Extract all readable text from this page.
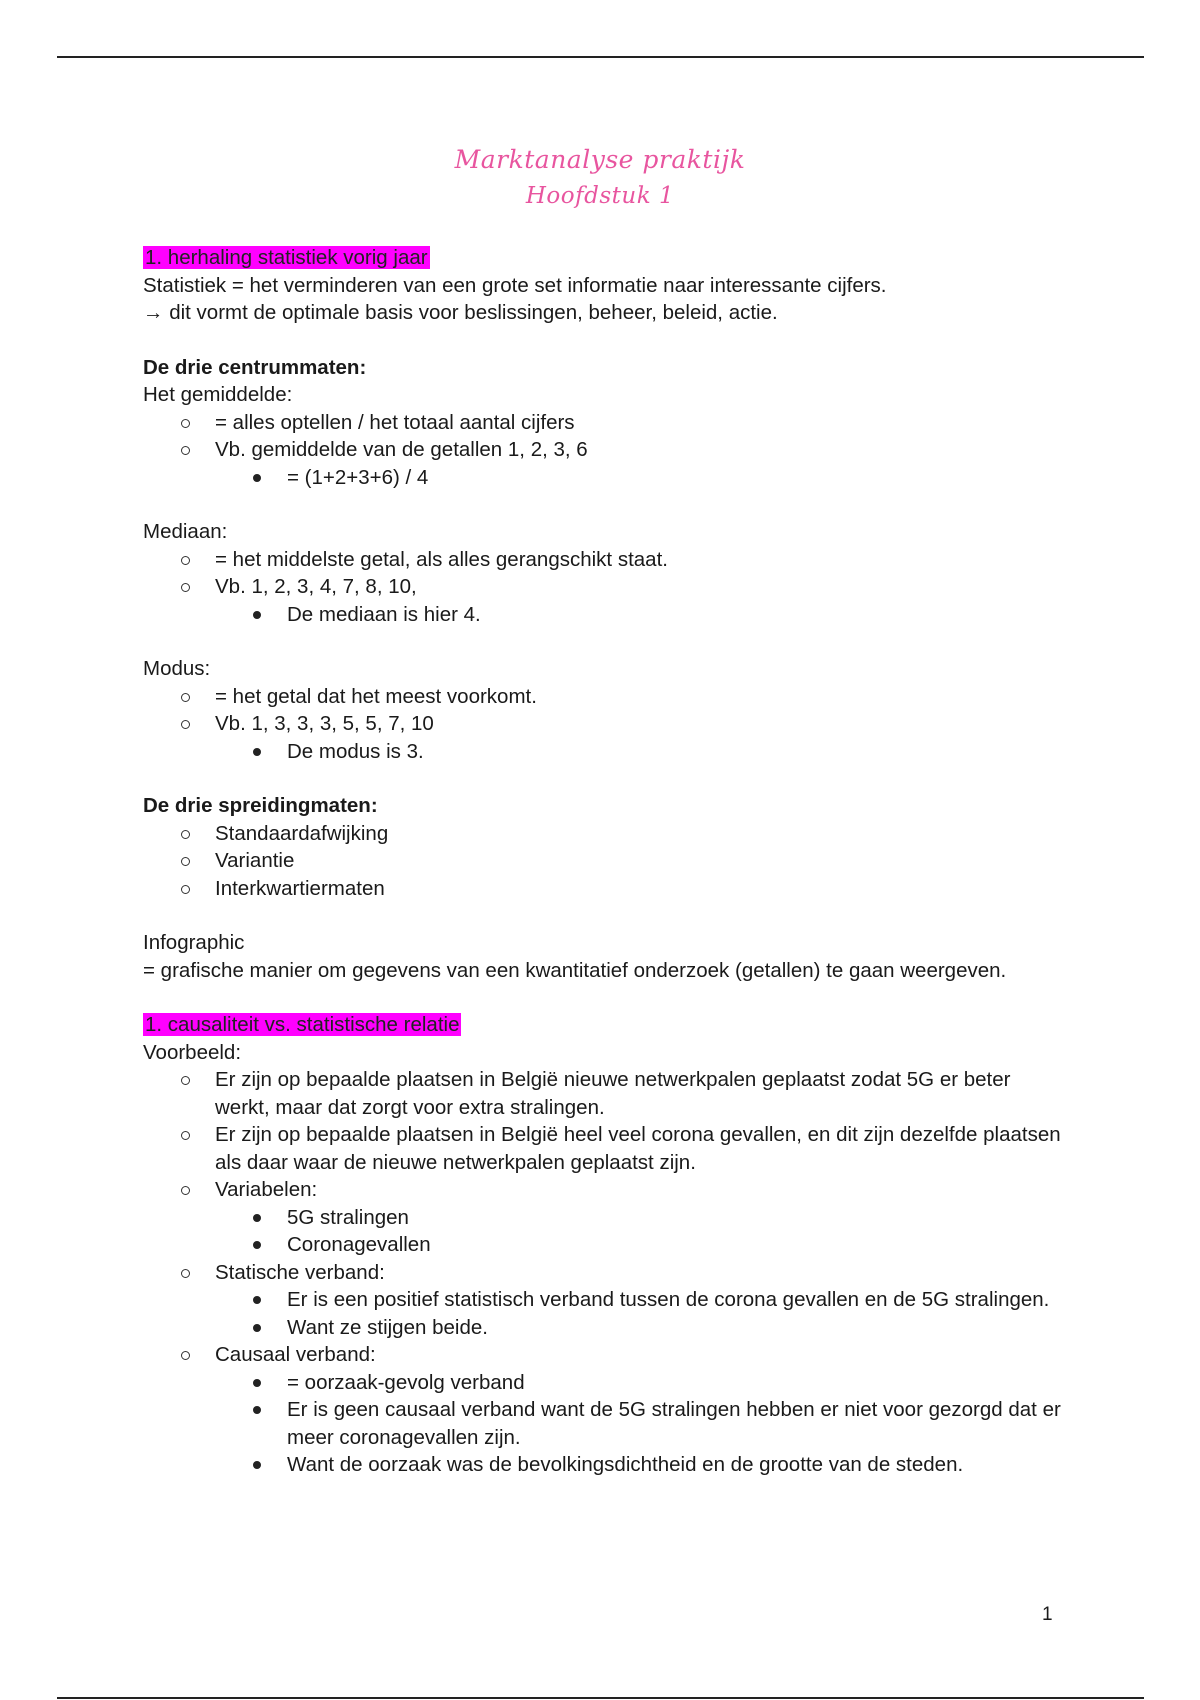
Marktanalyse praktijk
Hoofdstuk 1

1. herhaling statistiek vorig jaar

Statistiek = het verminderen van een grote set informatie naar interessante cijfers.

→ dit vormt de optimale basis voor beslissingen, beheer, beleid, actie.

De drie centrummaten:

Het gemiddelde:

= alles optellen / het totaal aantal cijfers
Vb. gemiddelde van de getallen 1, 2, 3, 6
= (1+2+3+6) / 4

Mediaan:

= het middelste getal, als alles gerangschikt staat.
Vb. 1, 2, 3, 4, 7, 8, 10,
De mediaan is hier 4.

Modus:

= het getal dat het meest voorkomt.
Vb. 1, 3, 3, 3, 5, 5, 7, 10
De modus is 3.

De drie spreidingmaten:

Standaardafwijking
Variantie
Interkwartiermaten

Infographic

= grafische manier om gegevens van een kwantitatief onderzoek (getallen) te gaan weergeven.

1. causaliteit vs. statistische relatie

Voorbeeld:

Er zijn op bepaalde plaatsen in België nieuwe netwerkpalen geplaatst zodat 5G er beter werkt, maar dat zorgt voor extra stralingen.
Er zijn op bepaalde plaatsen in België heel veel corona gevallen, en dit zijn dezelfde plaatsen als daar waar de nieuwe netwerkpalen geplaatst zijn.
Variabelen:
5G stralingen
Coronagevallen
Statische verband:
Er is een positief statistisch verband tussen de corona gevallen en de 5G stralingen.
Want ze stijgen beide.
Causaal verband:
= oorzaak-gevolg verband
Er is geen causaal verband want de 5G stralingen hebben er niet voor gezorgd dat er meer coronagevallen zijn.
Want de oorzaak was de bevolkingsdichtheid en de grootte van de steden.
1
